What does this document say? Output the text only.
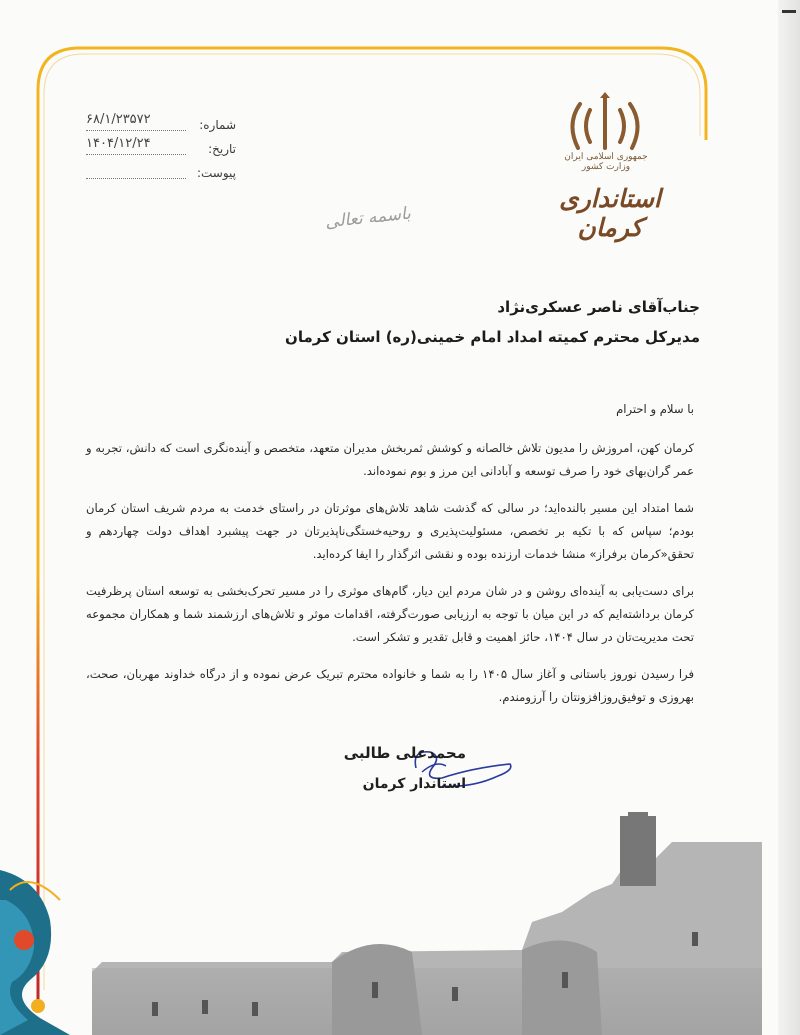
شماره:
۶۸/۱/۲۳۵۷۲
تاریخ:
۱۴۰۴/۱۲/۲۴
پیوست:
جمهوری اسلامی ایران
وزارت کشور
استانداری کرمان
باسمه تعالی
جناب‌آقای ناصر عسکری‌نژاد
مدیرکل محترم کمیته امداد امام خمینی(ره) استان کرمان

با سلام و احترام

کرمان کهن، امروزش را مدیون تلاش خالصانه و کوشش ثمربخش مدیران متعهد، متخصص و آینده‌نگری است که دانش، تجربه و عمر گران‌بهای خود را صرف توسعه و آبادانی این مرز و بوم نموده‌اند.

شما امتداد این مسیر بالنده‌اید؛ در سالی که گذشت شاهد تلاش‌های موثرتان در راستای خدمت به مردم شریف استان کرمان بودم؛ سپاس که با تکیه بر تخصص، مسئولیت‌پذیری و روحیه‌خستگی‌ناپذیرتان در جهت پیشبرد اهداف دولت چهاردهم و تحقق«کرمان برفراز» منشا خدمات ارزنده بوده و نقشی اثرگذار را ایفا کرده‌اید.

برای دست‌یابی به آینده‌ای روشن و در شان مردم این دیار، گام‌های موثری را در مسیر تحرک‌بخشی به توسعه استان پرظرفیت کرمان برداشته‌ایم که در این میان با توجه به ارزیابی صورت‌گرفته، اقدامات موثر و تلاش‌های ارزشمند شما و همکاران مجموعه تحت مدیریت‌تان در سال ۱۴۰۴، حائز اهمیت و قابل تقدیر و تشکر است.

فرا رسیدن نوروز باستانی و آغاز سال ۱۴۰۵ را به شما و خانواده محترم تبریک عرض نموده و از درگاه خداوند مهربان، صحت، بهروزی و توفیق‌روزافزونتان را آرزومندم.

محمدعلی طالبی
استاندار کرمان
